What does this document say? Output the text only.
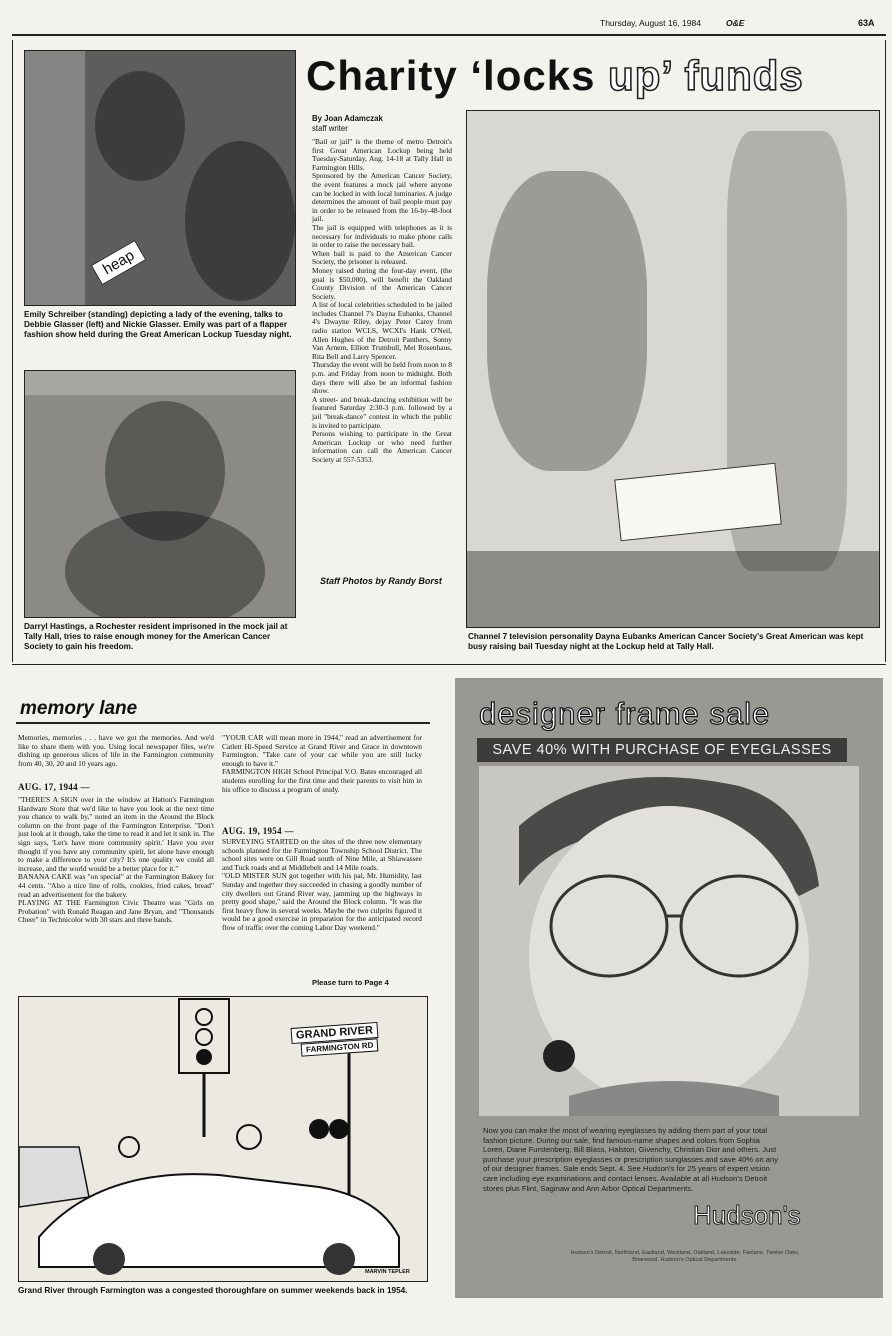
Thursday, August 16, 1984	O&E	63A
heap
Emily Schreiber (standing) depicting a lady of the evening, talks to Debbie Glasser (left) and Nickie Glasser. Emily was part of a flapper fashion show held during the Great American Lockup Tuesday night.
Darryl Hastings, a Rochester resident imprisoned in the mock jail at Tally Hall, tries to raise enough money for the American Cancer Society to gain his freedom.
Charity ‘locks up’ funds
By Joan Adamczak
staff writer
"Bail or jail" is the theme of metro Detroit's first Great American Lockup being held Tuesday-Saturday, Aug. 14-18 at Tally Hall in Farmington Hills.
Sponsored by the American Cancer Society, the event features a mock jail where anyone can be locked in with local luminaries. A judge determines the amount of bail people must pay in order to be released from the 16-by-48-foot jail.
The jail is equipped with telephones as it is necessary for individuals to make phone calls in order to raise the necessary bail.
When bail is paid to the American Cancer Society, the prisoner is released.
Money raised during the four-day event, (the goal is $50,000), will benefit the Oakland County Division of the American Cancer Society.
A list of local celebrities scheduled to be jailed includes Channel 7's Dayna Eubanks, Channel 4's Dwayne Riley, dejay Peter Carey from radio station WCLS, WCXI's Hank O'Neil, Allen Hughes of the Detroit Panthers, Sonny Van Arnem, Elliott Trumbull, Mel Rosenhaus, Rita Bell and Larry Spencer.
Thursday the event will be held from noon to 8 p.m. and Friday from noon to midnight. Both days there will also be an informal fashion show.
A street- and break-dancing exhibition will be featured Saturday 2:30-3 p.m. followed by a jail "break-dance" contest in which the public is invited to participate.
Persons wishing to participate in the Great American Lockup or who need further information can call the American Cancer Society at 557-5353.
Staff Photos by Randy Borst
Channel 7 television personality Dayna Eubanks American Cancer Society's Great American was kept busy raising bail Tuesday night at the Lockup held at Tally Hall.
memory lane
Memories, memories . . . have we got the memories. And we'd like to share them with you. Using local newspaper files, we're dishing up generous slices of life in the Farmington community from 40, 30, 20 and 10 years ago.
AUG. 17, 1944 —
"THERE'S A SIGN over in the window at Hatton's Farmington Hardware Store that we'd like to have you look at the next time you chance to walk by," noted an item in the Around the Block column on the front page of the Farmington Enterprise. "Don't just look at it though, take the time to read it and let it sink in. The sign says, 'Let's have more community spirit.' Have you ever thought if you have any community spirit, let alone have enough to make a difference to your city? It's one quality we could all increase, and the world would be a better place for it."
BANANA CAKE was "on special" at the Farmington Bakery for 44 cents. "Also a nice line of rolls, cookies, fried cakes, bread" read an advertisement for the bakery.
PLAYING AT THE Farmington Civic Theatre was "Girls on Probation" with Ronald Reagan and Jane Bryan, and "Thousands Cheer" in Technicolor with 30 stars and three bands.
"YOUR CAR will mean more in 1944," read an advertisement for Catlett Hi-Speed Service at Grand River and Grace in downtown Farmington. "Take care of your car while you are still lucky enough to have it."
FARMINGTON HIGH School Principal V.O. Bates encouraged all students enrolling for the first time and their parents to visit him in his office to discuss a program of study.
AUG. 19, 1954 —
SURVEYING STARTED on the sites of the three new elementary schools planned for the Farmington Township School District. The school sites were on Gill Road south of Nine Mile, at Shiawassee and Tuck roads and at Middlebelt and 14 Mile roads.
"OLD MISTER SUN got together with his pal, Mr. Humidity, last Sunday and together they succeeded in chasing a goodly number of city dwellers out Grand River way, jamming up the highways in pretty good shape," said the Around the Block column. "It was the first heavy flow in several weeks. Maybe the two culprits figured it would be a good exercise in preparation for the anticipated record flow of traffic over the coming Labor Day weekend."
Please turn to Page 4
GRAND RIVER
FARMINGTON RD
MARVIN TEPLER
Grand River through Farmington was a congested thoroughfare on summer weekends back in 1954.
designer frame sale
SAVE 40% WITH PURCHASE OF EYEGLASSES
Now you can make the most of wearing eyeglasses by adding them part of your total fashion picture. During our sale, find famous-name shapes and colors from Sophia Loren, Diane Furstenberg, Bill Blass, Halston, Givenchy, Christian Dior and others. Just purchase your prescription eyeglasses or prescription sunglasses and save 40% on any of our designer frames. Sale ends Sept. 4. See Hudson's for 25 years of expert vision care including eye examinations and contact lenses. Available at all Hudson's Detroit stores plus Flint, Saginaw and Ann Arbor Optical Departments.
Hudson's
Hudson's Detroit, Northland, Eastland, Westland, Oakland, Lakeside, Fairlane, Twelve Oaks, Briarwood. Hudson's Optical Departments.
